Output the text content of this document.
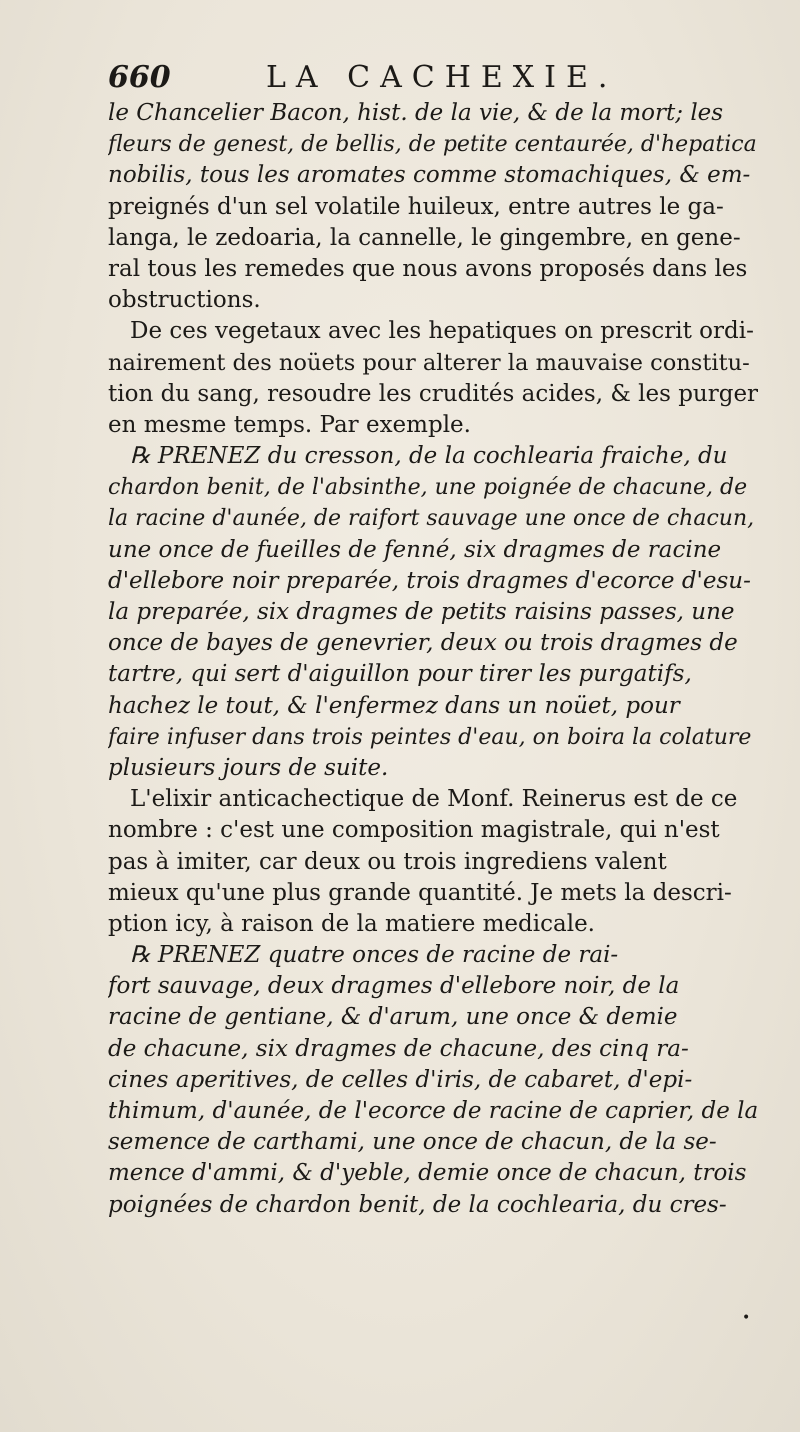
660	LA CACHEXIE.
le Chancelier Bacon, hist. de la vie, & de la mort; les
fleurs de genest, de bellis, de petite centaurée, d'hepatica
nobilis, tous les aromates comme stomachiques, & em-
preignés d'un sel volatile huileux, entre autres le ga-
langa, le zedoaria, la cannelle, le gingembre, en gene-
ral tous les remedes que nous avons proposés dans les
obstructions.
De ces vegetaux avec les hepatiques on prescrit ordi-
nairement des noüets pour alterer la mauvaise constitu-
tion du sang, resoudre les crudités acides, & les purger
en mesme temps. Par exemple.
℞ PRENEZ du cresson, de la cochlearia fraiche, du
chardon benit, de l'absinthe, une poignée de chacune, de
la racine d'aunée, de raifort sauvage une once de chacun,
une once de fueilles de fenné, six dragmes de racine
d'ellebore noir preparée, trois dragmes d'ecorce d'esu-
la preparée, six dragmes de petits raisins passes, une
once de bayes de genevrier, deux ou trois dragmes de
tartre, qui sert d'aiguillon pour tirer les purgatifs,
hachez le tout, & l'enfermez dans un noüet, pour
faire infuser dans trois peintes d'eau, on boira la colature
plusieurs jours de suite.
L'elixir anticachectique de Monf. Reinerus est de ce
nombre : c'est une composition magistrale, qui n'est
pas à imiter, car deux ou trois ingrediens valent
mieux qu'une plus grande quantité. Je mets la descri-
ption icy, à raison de la matiere medicale.
℞ PRENEZ quatre onces de racine de rai-
fort sauvage, deux dragmes d'ellebore noir, de la
racine de gentiane, & d'arum, une once & demie
de chacune, six dragmes de chacune, des cinq ra-
cines aperitives, de celles d'iris, de cabaret, d'epi-
thimum, d'aunée, de l'ecorce de racine de caprier, de la
semence de carthami, une once de chacun, de la se-
mence d'ammi, & d'yeble, demie once de chacun, trois
poignées de chardon benit, de la cochlearia, du cres-
•
